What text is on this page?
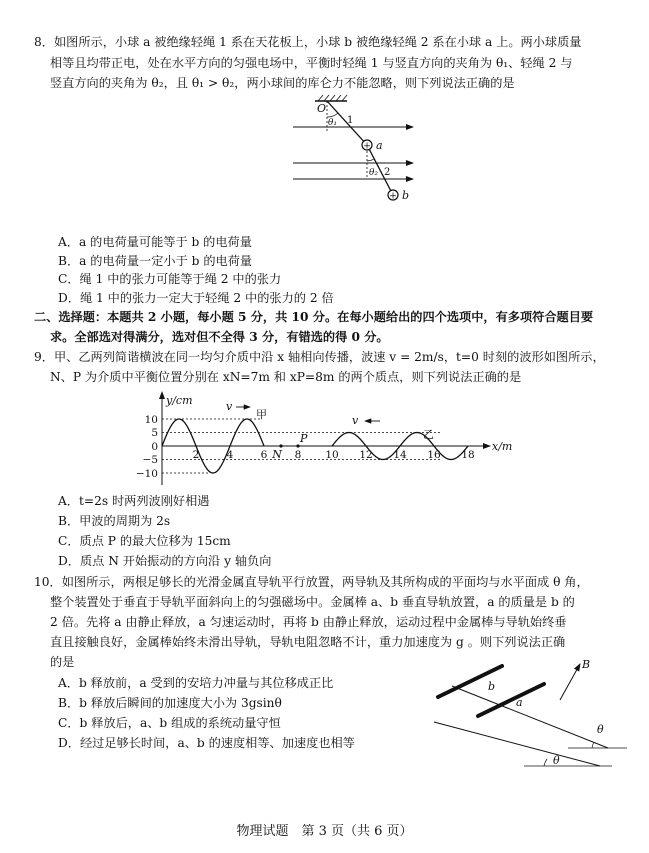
8．如图所示，小球 a 被绝缘轻绳 1 系在天花板上，小球 b 被绝缘轻绳 2 系在小球 a 上。两小球质量
相等且均带正电，处在水平方向的匀强电场中，平衡时轻绳 1 与竖直方向的夹角为 θ₁、轻绳 2 与
竖直方向的夹角为 θ₂，且 θ₁ > θ₂，两小球间的库仑力不能忽略，则下列说法正确的是
+
+
O
θ₁ 1
a
θ₂ 2
b
A．a 的电荷量可能等于 b 的电荷量
B．a 的电荷量一定小于 b 的电荷量
C．绳 1 中的张力可能等于绳 2 中的张力
D．绳 1 中的张力一定大于轻绳 2 中的张力的 2 倍
二、选择题：本题共 2 小题，每小题 5 分，共 10 分。在每小题给出的四个选项中，有多项符合题目要
求。全部选对得满分，选对但不全得 3 分，有错选的得 0 分。
9．甲、乙两列简谐横波在同一均匀介质中沿 x 轴相向传播，波速 v = 2m/s，t=0 时刻的波形如图所示，
N、P 为介质中平衡位置分别在 xN=7m 和 xP=8m 的两个质点，则下列说法正确的是
y/cm
x/m
甲
乙
v
v
10
5
0
−5
−10
2	4	6	8 10 12 14 16 18
N
P
A．t=2s 时两列波刚好相遇
B．甲波的周期为 2s
C．质点 P 的最大位移为 15cm
D．质点 N 开始振动的方向沿 y 轴负向
10．如图所示，两根足够长的光滑金属直导轨平行放置，两导轨及其所构成的平面均与水平面成 θ 角，
整个装置处于垂直于导轨平面斜向上的匀强磁场中。金属棒 a、b 垂直导轨放置，a 的质量是 b 的
2 倍。先将 a 由静止释放，a 匀速运动时，再将 b 由静止释放，运动过程中金属棒与导轨始终垂
直且接触良好，金属棒始终未滑出导轨，导轨电阻忽略不计，重力加速度为 g 。则下列说法正确
的是
A．b 释放前，a 受到的安培力冲量与其位移成正比
B．b 释放后瞬间的加速度大小为 3gsinθ
C．b 释放后，a、b 组成的系统动量守恒
D．经过足够长时间，a、b 的速度相等、加速度也相等
B
b
a
θ
θ
物理试题　第 3 页（共 6 页）
